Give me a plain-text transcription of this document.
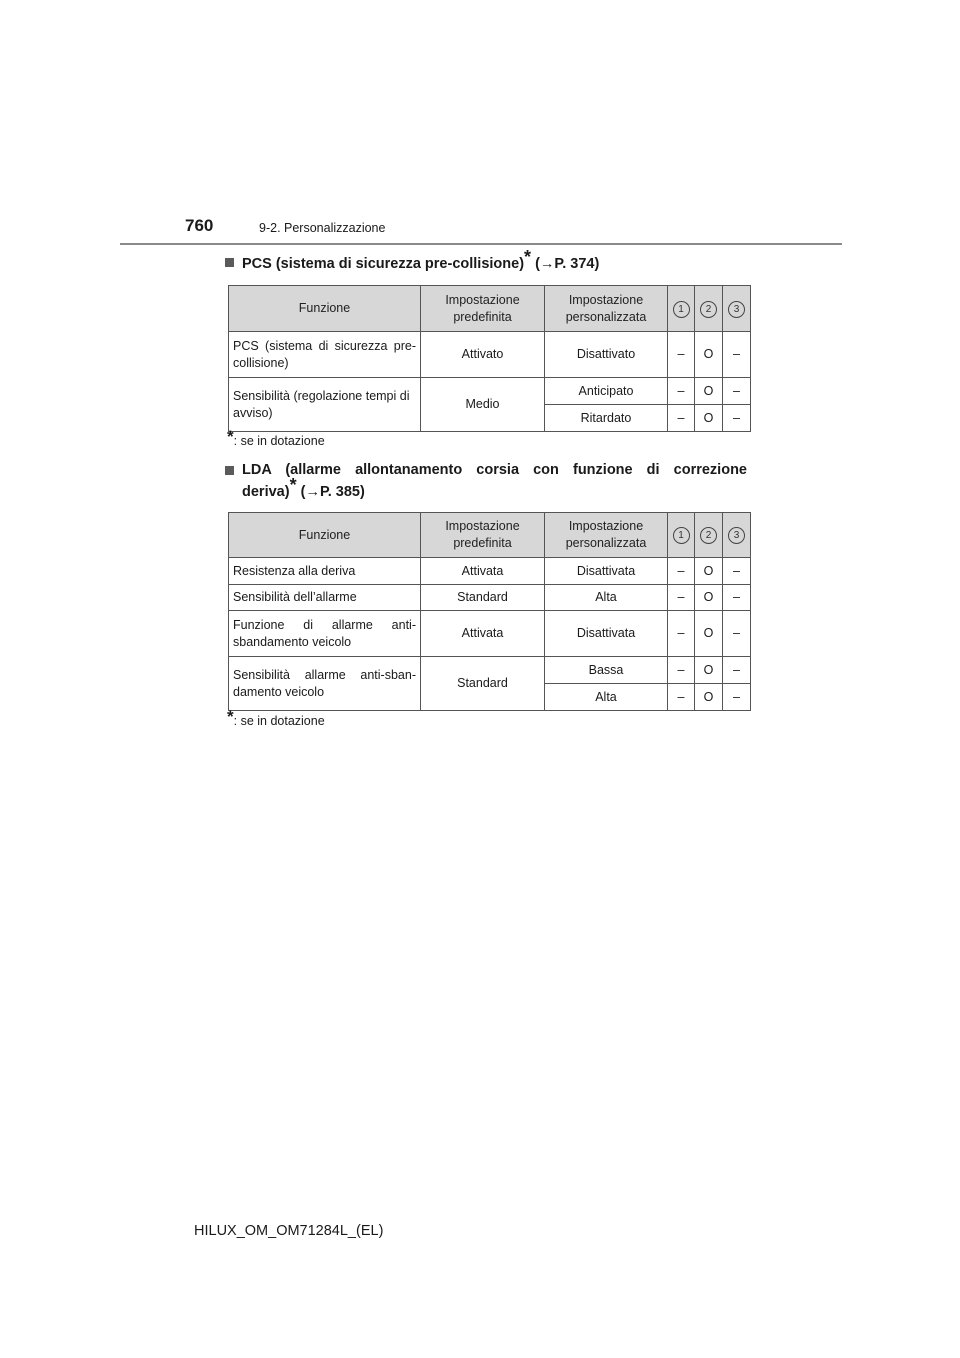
760	9-2. Personalizzazione
PCS (sistema di sicurezza pre-collisione)* (→P. 374)
Funzione	Impostazione predefinita	Impostazione personalizzata	1	2	3
PCS (sistema di sicurezza pre-collisione)	Attivato	Disattivato	–	O	–
Sensibilità (regolazione tempi di avviso)	Medio	Anticipato	–	O	–
		Ritardato	–	O	–
*: se in dotazione
LDA (allarme allontanamento corsia con funzione di correzione
deriva)* (→P. 385)
Funzione	Impostazione predefinita	Impostazione personalizzata	1	2	3
Resistenza alla deriva	Attivata	Disattivata	–	O	–
Sensibilità dell’allarme	Standard	Alta	–	O	–
Funzione di allarme anti-sbandamento veicolo	Attivata	Disattivata	–	O	–
Sensibilità allarme anti-sban-damento veicolo	Standard	Bassa	–	O	–
		Alta	–	O	–
*: se in dotazione
HILUX_OM_OM71284L_(EL)
